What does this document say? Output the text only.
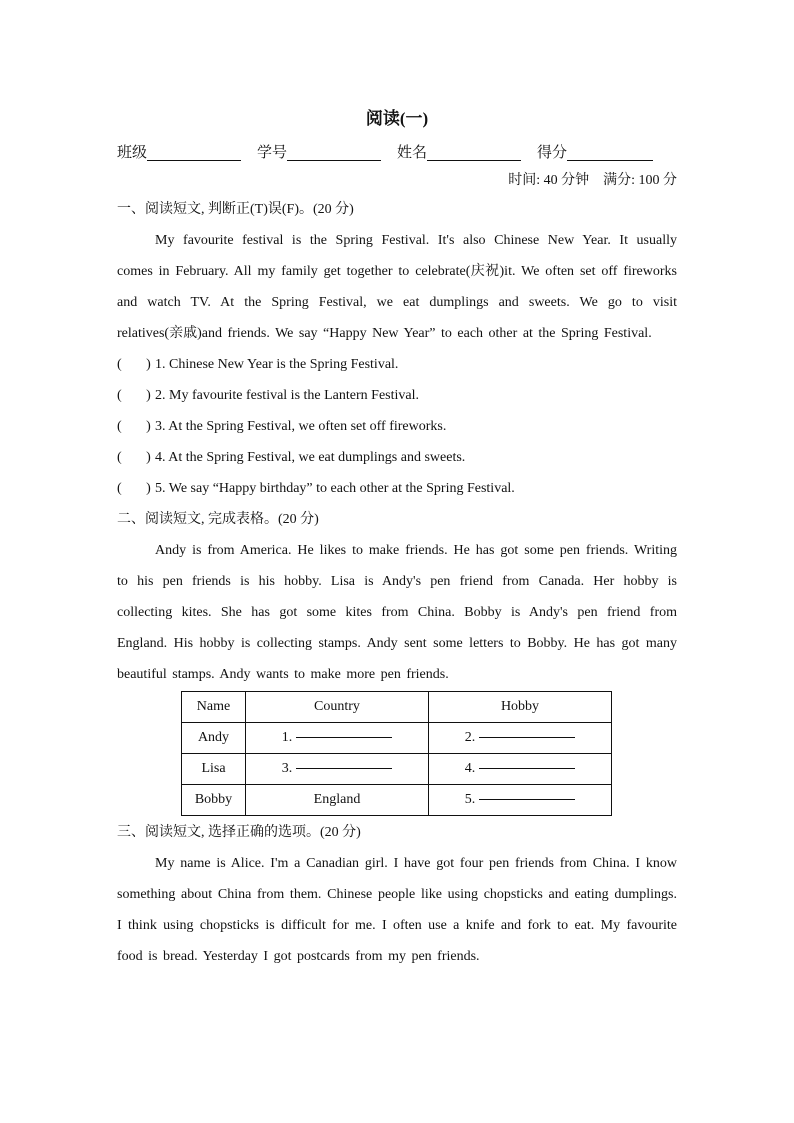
阅读(一)
班级	学号	姓名	得分
时间: 40 分钟    满分: 100 分
一、阅读短文, 判断正(T)误(F)。(20 分)
My favourite festival is the Spring Festival. It's also Chinese New Year. It usually comes in February. All my family get together to celebrate(庆祝)it. We often set off fireworks and watch TV. At the Spring Festival, we eat dumplings and sweets. We go to visit relatives(亲戚)and friends. We say “Happy New Year” to each other at the Spring Festival.
(       ) 1. Chinese New Year is the Spring Festival.
(       ) 2. My favourite festival is the Lantern Festival.
(       ) 3. At the Spring Festival, we often set off fireworks.
(       ) 4. At the Spring Festival, we eat dumplings and sweets.
(       ) 5. We say “Happy birthday” to each other at the Spring Festival.
二、阅读短文, 完成表格。(20 分)
Andy is from America. He likes to make friends. He has got some pen friends. Writing to his pen friends is his hobby. Lisa is Andy's pen friend from Canada. Her hobby is collecting kites. She has got some kites from China. Bobby is Andy's pen friend from England. His hobby is collecting stamps. Andy sent some letters to Bobby. He has got many beautiful stamps. Andy wants to make more pen friends.
Name	Country	Hobby
Andy	1.	2.

Lisa	3.	4.

Bobby	England	5.
三、阅读短文, 选择正确的选项。(20 分)
My name is Alice. I'm a Canadian girl. I have got four pen friends from China. I know something about China from them. Chinese people like using chopsticks and eating dumplings. I think using chopsticks is difficult for me. I often use a knife and fork to eat. My favourite food is bread. Yesterday I got postcards from my pen friends.
